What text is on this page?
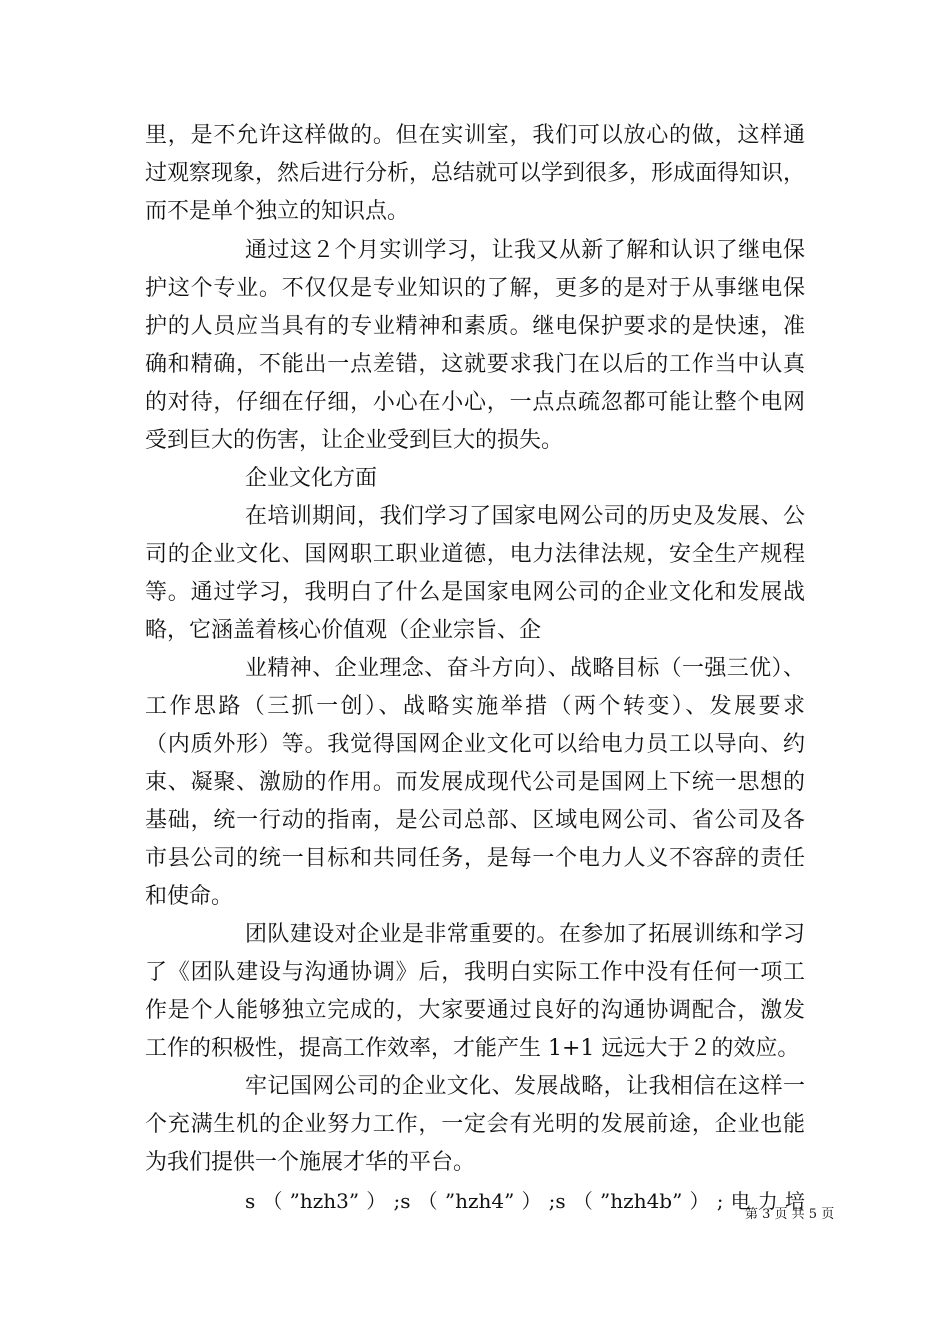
里，是不允许这样做的。但在实训室，我们可以放心的做，这样通
过观察现象，然后进行分析，总结就可以学到很多，形成面得知识，
而不是单个独立的知识点。
通过这２个月实训学习，让我又从新了解和认识了继电保
护这个专业。不仅仅是专业知识的了解，更多的是对于从事继电保
护的人员应当具有的专业精神和素质。继电保护要求的是快速，准
确和精确，不能出一点差错，这就要求我门在以后的工作当中认真
的对待，仔细在仔细，小心在小心，一点点疏忽都可能让整个电网
受到巨大的伤害，让企业受到巨大的损失。
企业文化方面
在培训期间，我们学习了国家电网公司的历史及发展、公
司的企业文化、国网职工职业道德，电力法律法规，安全生产规程
等。通过学习，我明白了什么是国家电网公司的企业文化和发展战
略，它涵盖着核心价值观（企业宗旨、企
业精神、企业理念、奋斗方向）、战略目标（一强三优）、
工作思路（三抓一创）、战略实施举措（两个转变）、发展要求
（内质外形）等。我觉得国网企业文化可以给电力员工以导向、约
束、凝聚、激励的作用。而发展成现代公司是国网上下统一思想的
基础，统一行动的指南，是公司总部、区域电网公司、省公司及各
市县公司的统一目标和共同任务，是每一个电力人义不容辞的责任
和使命。
团队建设对企业是非常重要的。在参加了拓展训练和学习
了《团队建设与沟通协调》后，我明白实际工作中没有任何一项工
作是个人能够独立完成的，大家要通过良好的沟通协调配合，激发
工作的积极性，提高工作效率，才能产生 1+1 远远大于２的效应。
牢记国网公司的企业文化、发展战略，让我相信在这样一
个充满生机的企业努力工作，一定会有光明的发展前途，企业也能
为我们提供一个施展才华的平台。
s（”hzh3”）;s（”hzh4”）;s（”hzh4b”）;电力培
第 3 页 共 5 页
